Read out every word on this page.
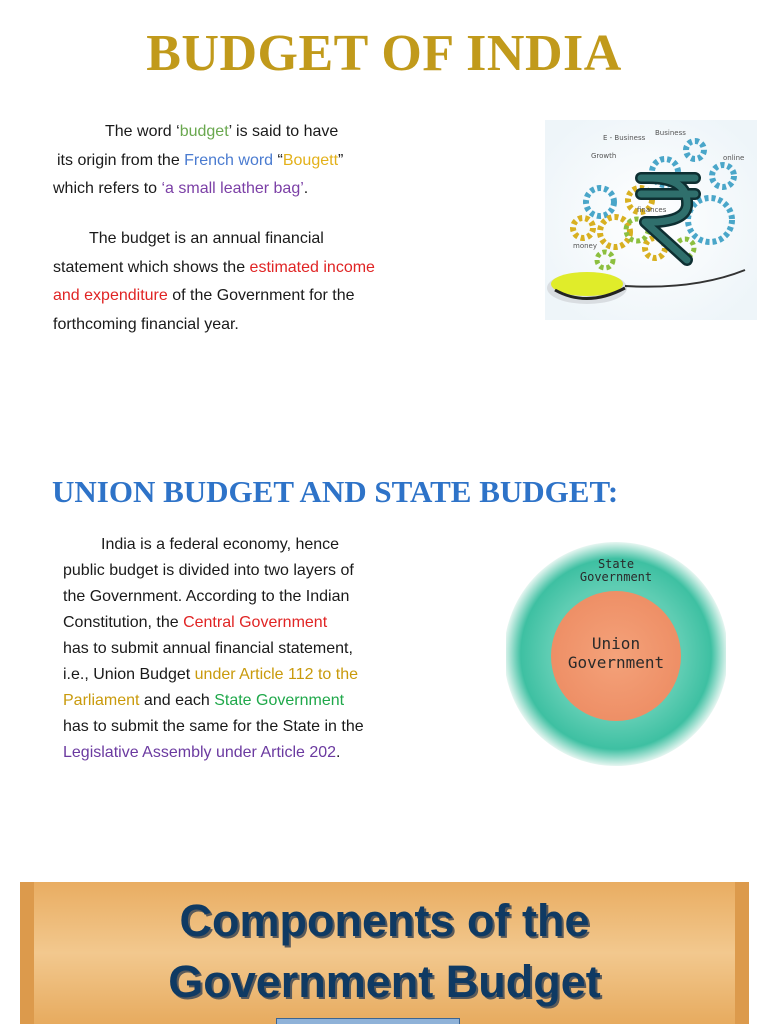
BUDGET OF INDIA
The word ‘budget’ is said to have
its origin from the French word “Bougett”
which refers to ‘a small leather bag’.
The budget is an annual financial
statement which shows the estimated income
and expenditure of the Government for the
forthcoming financial year.
Business
E - Business
Growth	online
finances
money
UNION BUDGET AND STATE BUDGET:
India is a federal economy, hence
public budget is divided into two layers of
the Government. According to the Indian
Constitution, the Central Government
has to submit annual financial statement,
i.e., Union Budget under Article 112 to the
Parliament and each State Government
has to submit the same for the State in the
Legislative Assembly under Article 202.
State
Government
Union
Government
Components of the
Government Budget
